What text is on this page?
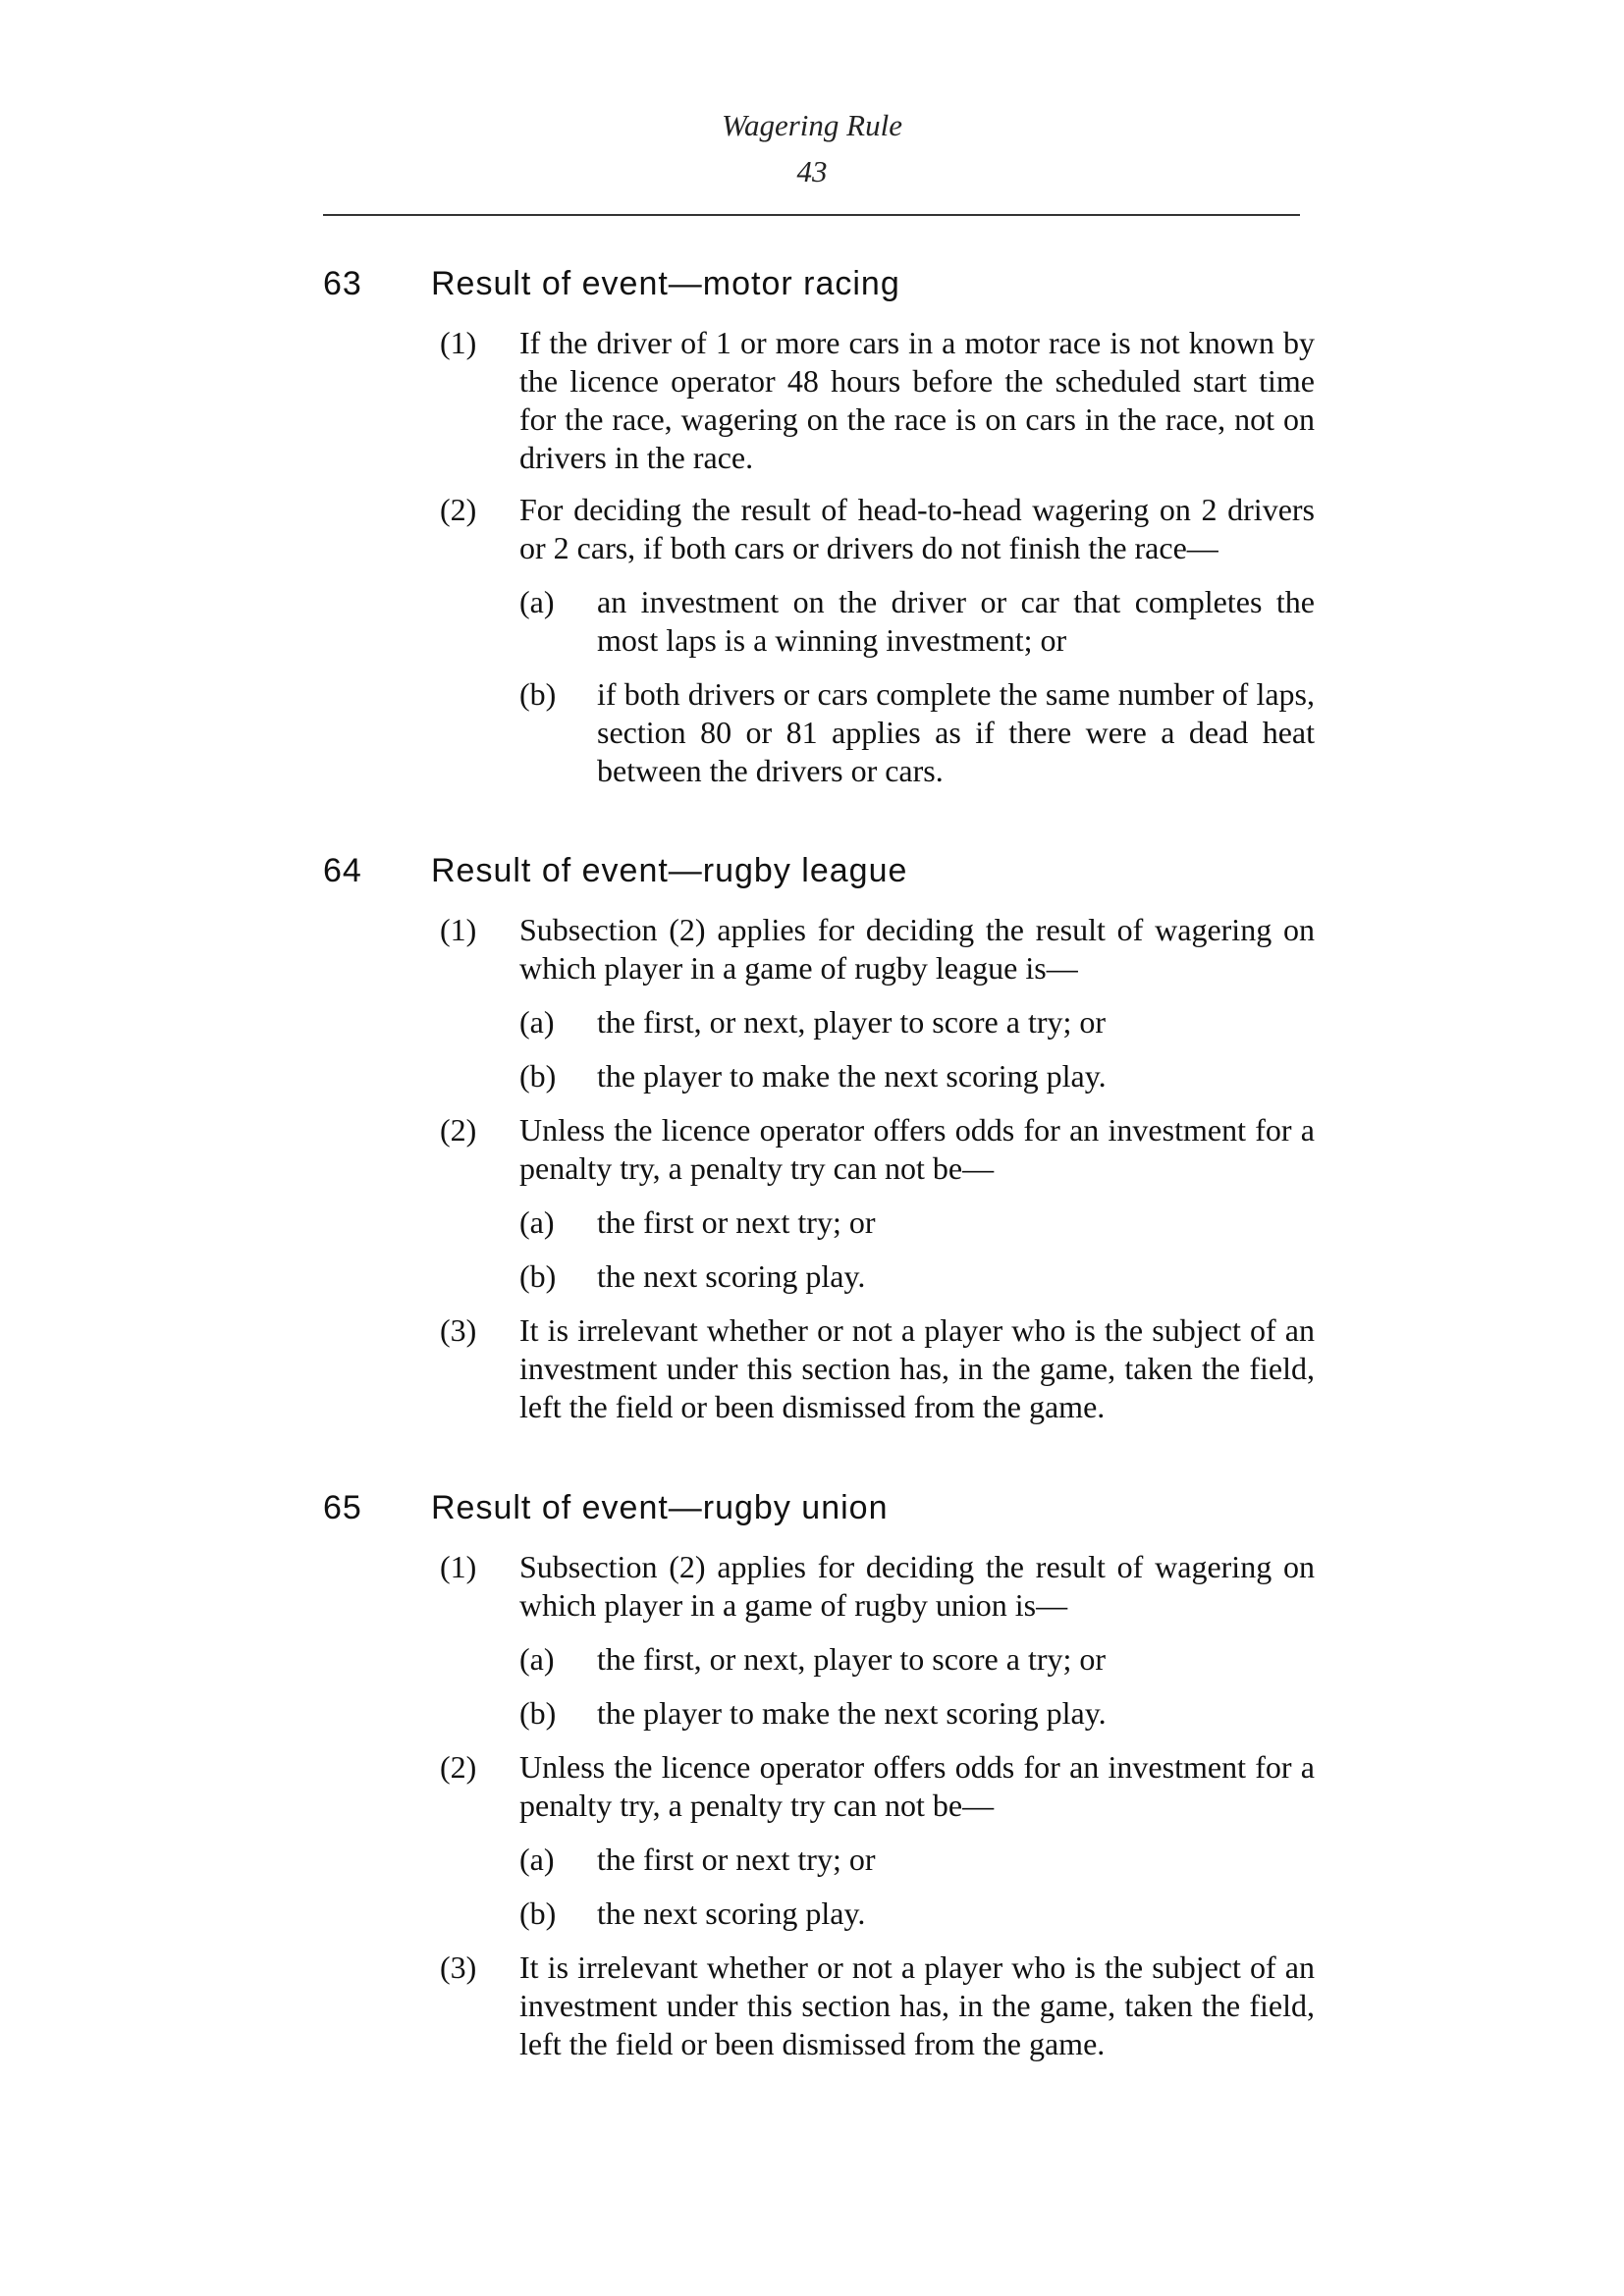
Wagering Rule
43
63 Result of event—motor racing
(1) If the driver of 1 or more cars in a motor race is not known by the licence operator 48 hours before the scheduled start time for the race, wagering on the race is on cars in the race, not on drivers in the race.
(2) For deciding the result of head-to-head wagering on 2 drivers or 2 cars, if both cars or drivers do not finish the race—
(a) an investment on the driver or car that completes the most laps is a winning investment; or
(b) if both drivers or cars complete the same number of laps, section 80 or 81 applies as if there were a dead heat between the drivers or cars.
64 Result of event—rugby league
(1) Subsection (2) applies for deciding the result of wagering on which player in a game of rugby league is—
(a) the first, or next, player to score a try; or
(b) the player to make the next scoring play.
(2) Unless the licence operator offers odds for an investment for a penalty try, a penalty try can not be—
(a) the first or next try; or
(b) the next scoring play.
(3) It is irrelevant whether or not a player who is the subject of an investment under this section has, in the game, taken the field, left the field or been dismissed from the game.
65 Result of event—rugby union
(1) Subsection (2) applies for deciding the result of wagering on which player in a game of rugby union is—
(a) the first, or next, player to score a try; or
(b) the player to make the next scoring play.
(2) Unless the licence operator offers odds for an investment for a penalty try, a penalty try can not be—
(a) the first or next try; or
(b) the next scoring play.
(3) It is irrelevant whether or not a player who is the subject of an investment under this section has, in the game, taken the field, left the field or been dismissed from the game.
